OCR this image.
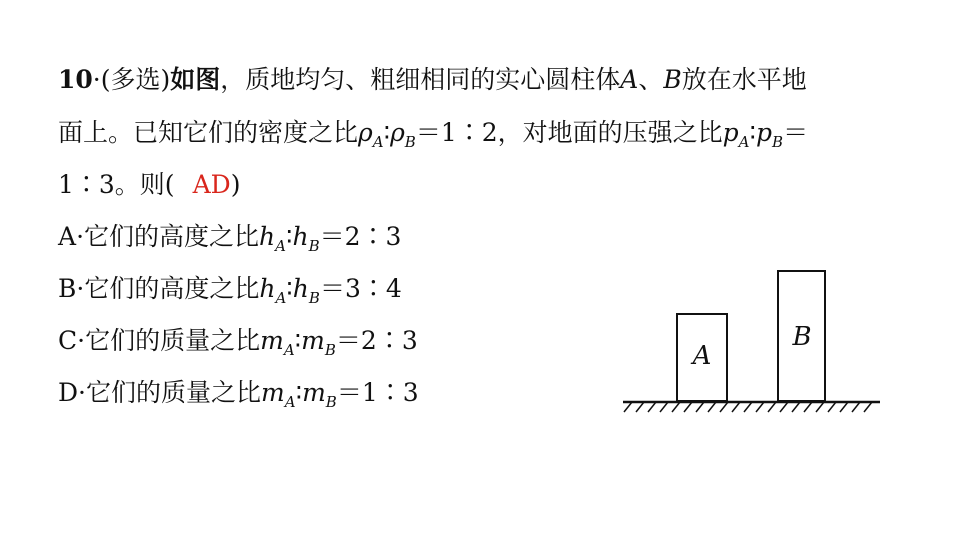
10·(多选)如图，质地均匀、粗细相同的实心圆柱体A、B放在水平地
面上。已知它们的密度之比$\rho_A∶\rho_B=1∶2$，对地面的压强之比$p_A∶p_B=$
1∶3。则( AD)
A·它们的高度之比$h_A∶h_B=2∶3$
B·它们的高度之比$h_A∶h_B=3∶4$
C·它们的质量之比$m_A∶m_B=2∶3$
D·它们的质量之比$m_A∶m_B=1∶3$
A
B
